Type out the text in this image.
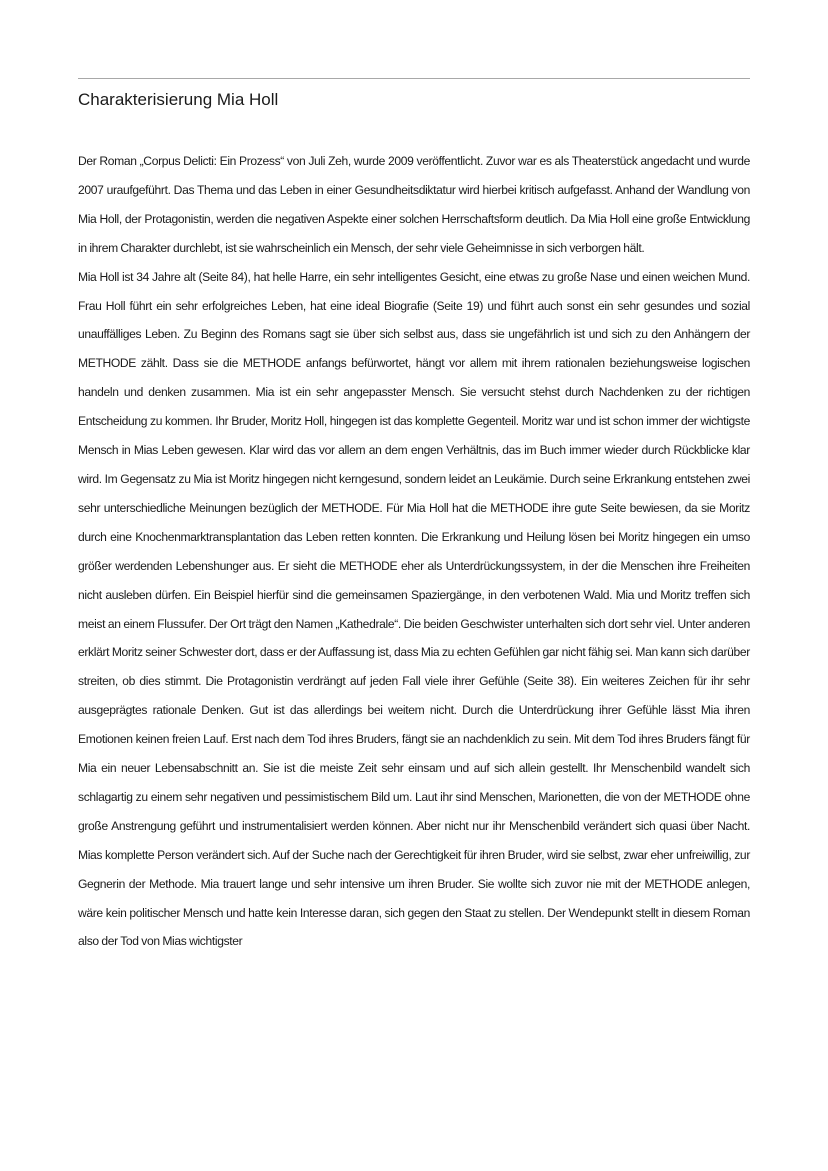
Charakterisierung Mia Holl

Der Roman „Corpus Delicti: Ein Prozess“ von Juli Zeh, wurde 2009 veröffentlicht. Zuvor war es als Theaterstück angedacht und wurde 2007 uraufgeführt. Das Thema und das Leben in einer Gesundheitsdiktatur wird hierbei kritisch aufgefasst. Anhand der Wandlung von Mia Holl, der Protagonistin, werden die negativen Aspekte einer solchen Herrschaftsform deutlich. Da Mia Holl eine große Entwicklung in ihrem Charakter durchlebt, ist sie wahrscheinlich ein Mensch, der sehr viele Geheimnisse in sich verborgen hält.

Mia Holl ist 34 Jahre alt (Seite 84), hat helle Harre, ein sehr intelligentes Gesicht, eine etwas zu große Nase und einen weichen Mund. Frau Holl führt ein sehr erfolgreiches Leben, hat eine ideal Biografie (Seite 19) und führt auch sonst ein sehr gesundes und sozial unauffälliges Leben. Zu Beginn des Romans sagt sie über sich selbst aus, dass sie ungefährlich ist und sich zu den Anhängern der METHODE zählt. Dass sie die METHODE anfangs befürwortet, hängt vor allem mit ihrem rationalen beziehungsweise logischen handeln und denken zusammen. Mia ist ein sehr angepasster Mensch. Sie versucht stehst durch Nachdenken zu der richtigen Entscheidung zu kommen. Ihr Bruder, Moritz Holl, hingegen ist das komplette Gegenteil. Moritz war und ist schon immer der wichtigste Mensch in Mias Leben gewesen. Klar wird das vor allem an dem engen Verhältnis, das im Buch immer wieder durch Rückblicke klar wird. Im Gegensatz zu Mia ist Moritz hingegen nicht kerngesund, sondern leidet an Leukämie. Durch seine Erkrankung entstehen zwei sehr unterschiedliche Meinungen bezüglich der METHODE. Für Mia Holl hat die METHODE ihre gute Seite bewiesen, da sie Moritz durch eine Knochenmarktransplantation das Leben retten konnten. Die Erkrankung und Heilung lösen bei Moritz hingegen ein umso größer werdenden Lebenshunger aus. Er sieht die METHODE eher als Unterdrückungssystem, in der die Menschen ihre Freiheiten nicht ausleben dürfen. Ein Beispiel hierfür sind die gemeinsamen Spaziergänge, in den verbotenen Wald. Mia und Moritz treffen sich meist an einem Flussufer. Der Ort trägt den Namen „Kathedrale“. Die beiden Geschwister unterhalten sich dort sehr viel. Unter anderen erklärt Moritz seiner Schwester dort, dass er der Auffassung ist, dass Mia zu echten Gefühlen gar nicht fähig sei. Man kann sich darüber streiten, ob dies stimmt. Die Protagonistin verdrängt auf jeden Fall viele ihrer Gefühle (Seite 38). Ein weiteres Zeichen für ihr sehr ausgeprägtes rationale Denken. Gut ist das allerdings bei weitem nicht. Durch die Unterdrückung ihrer Gefühle lässt Mia ihren Emotionen keinen freien Lauf. Erst nach dem Tod ihres Bruders, fängt sie an nachdenklich zu sein. Mit dem Tod ihres Bruders fängt für Mia ein neuer Lebensabschnitt an. Sie ist die meiste Zeit sehr einsam und auf sich allein gestellt. Ihr Menschenbild wandelt sich schlagartig zu einem sehr negativen und pessimistischem Bild um. Laut ihr sind Menschen, Marionetten, die von der METHODE ohne große Anstrengung geführt und instrumentalisiert werden können. Aber nicht nur ihr Menschenbild verändert sich quasi über Nacht. Mias komplette Person verändert sich. Auf der Suche nach der Gerechtigkeit für ihren Bruder, wird sie selbst, zwar eher unfreiwillig, zur Gegnerin der Methode. Mia trauert lange und sehr intensive um ihren Bruder. Sie wollte sich zuvor nie mit der METHODE anlegen, wäre kein politischer Mensch und hatte kein Interesse daran, sich gegen den Staat zu stellen. Der Wendepunkt stellt in diesem Roman also der Tod von Mias wichtigster
